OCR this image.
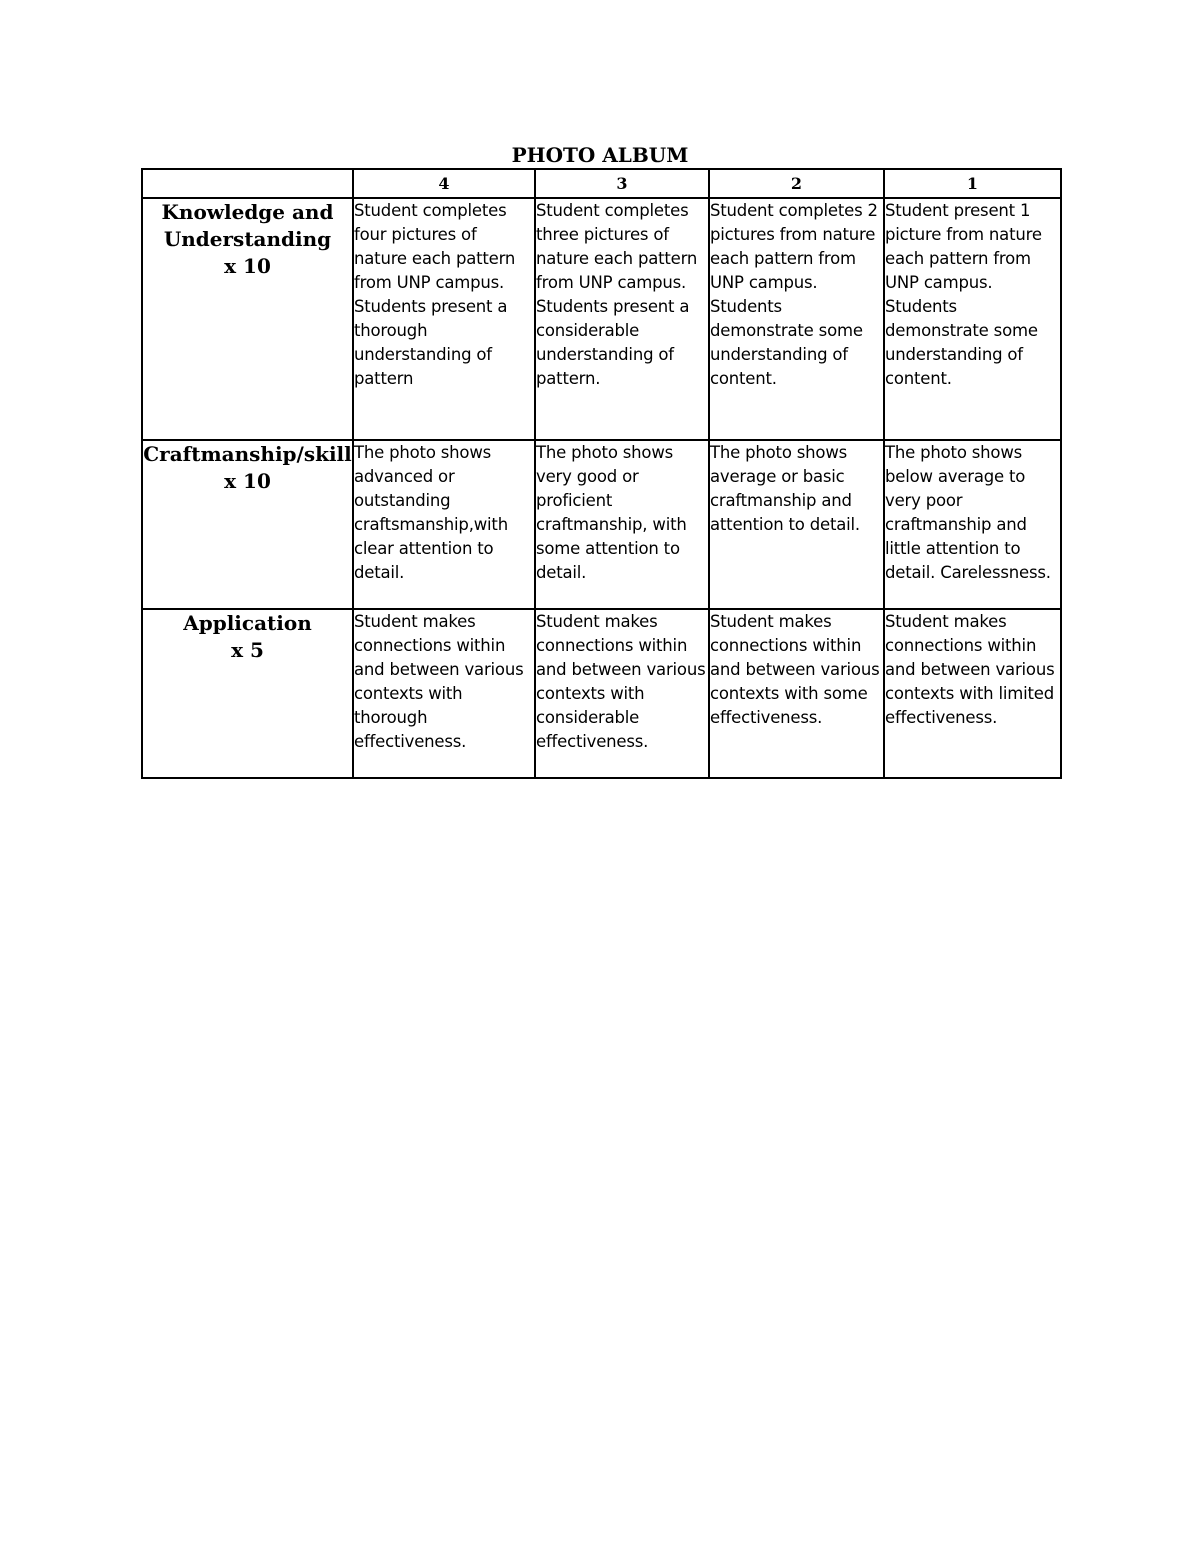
PHOTO ALBUM
	4	3	2	1

Knowledge and
Understanding
x 10	Student completes four pictures of nature each pattern from UNP campus. Students present a thorough understanding of pattern	Student completes three pictures of nature each pattern from UNP campus. Students present a considerable understanding of pattern.	Student completes 2 pictures from nature each pattern from UNP campus. Students demonstrate some understanding of content.	Student present 1 picture from nature each pattern from UNP campus. Students demonstrate some understanding of content.

Craftmanship/skill
x 10	The photo shows advanced or outstanding craftsmanship,with clear attention to detail.	The photo shows very good or proficient craftmanship, with some attention to detail.	The photo shows average or basic craftmanship and attention to detail.	The photo shows below average to very poor craftmanship and little attention to detail. Carelessness.

Application
x 5	Student makes connections within and between various contexts with thorough effectiveness.	Student makes connections within and between various contexts with considerable effectiveness.	Student makes connections within and between various contexts with some effectiveness.	Student makes connections within and between various contexts with limited effectiveness.
